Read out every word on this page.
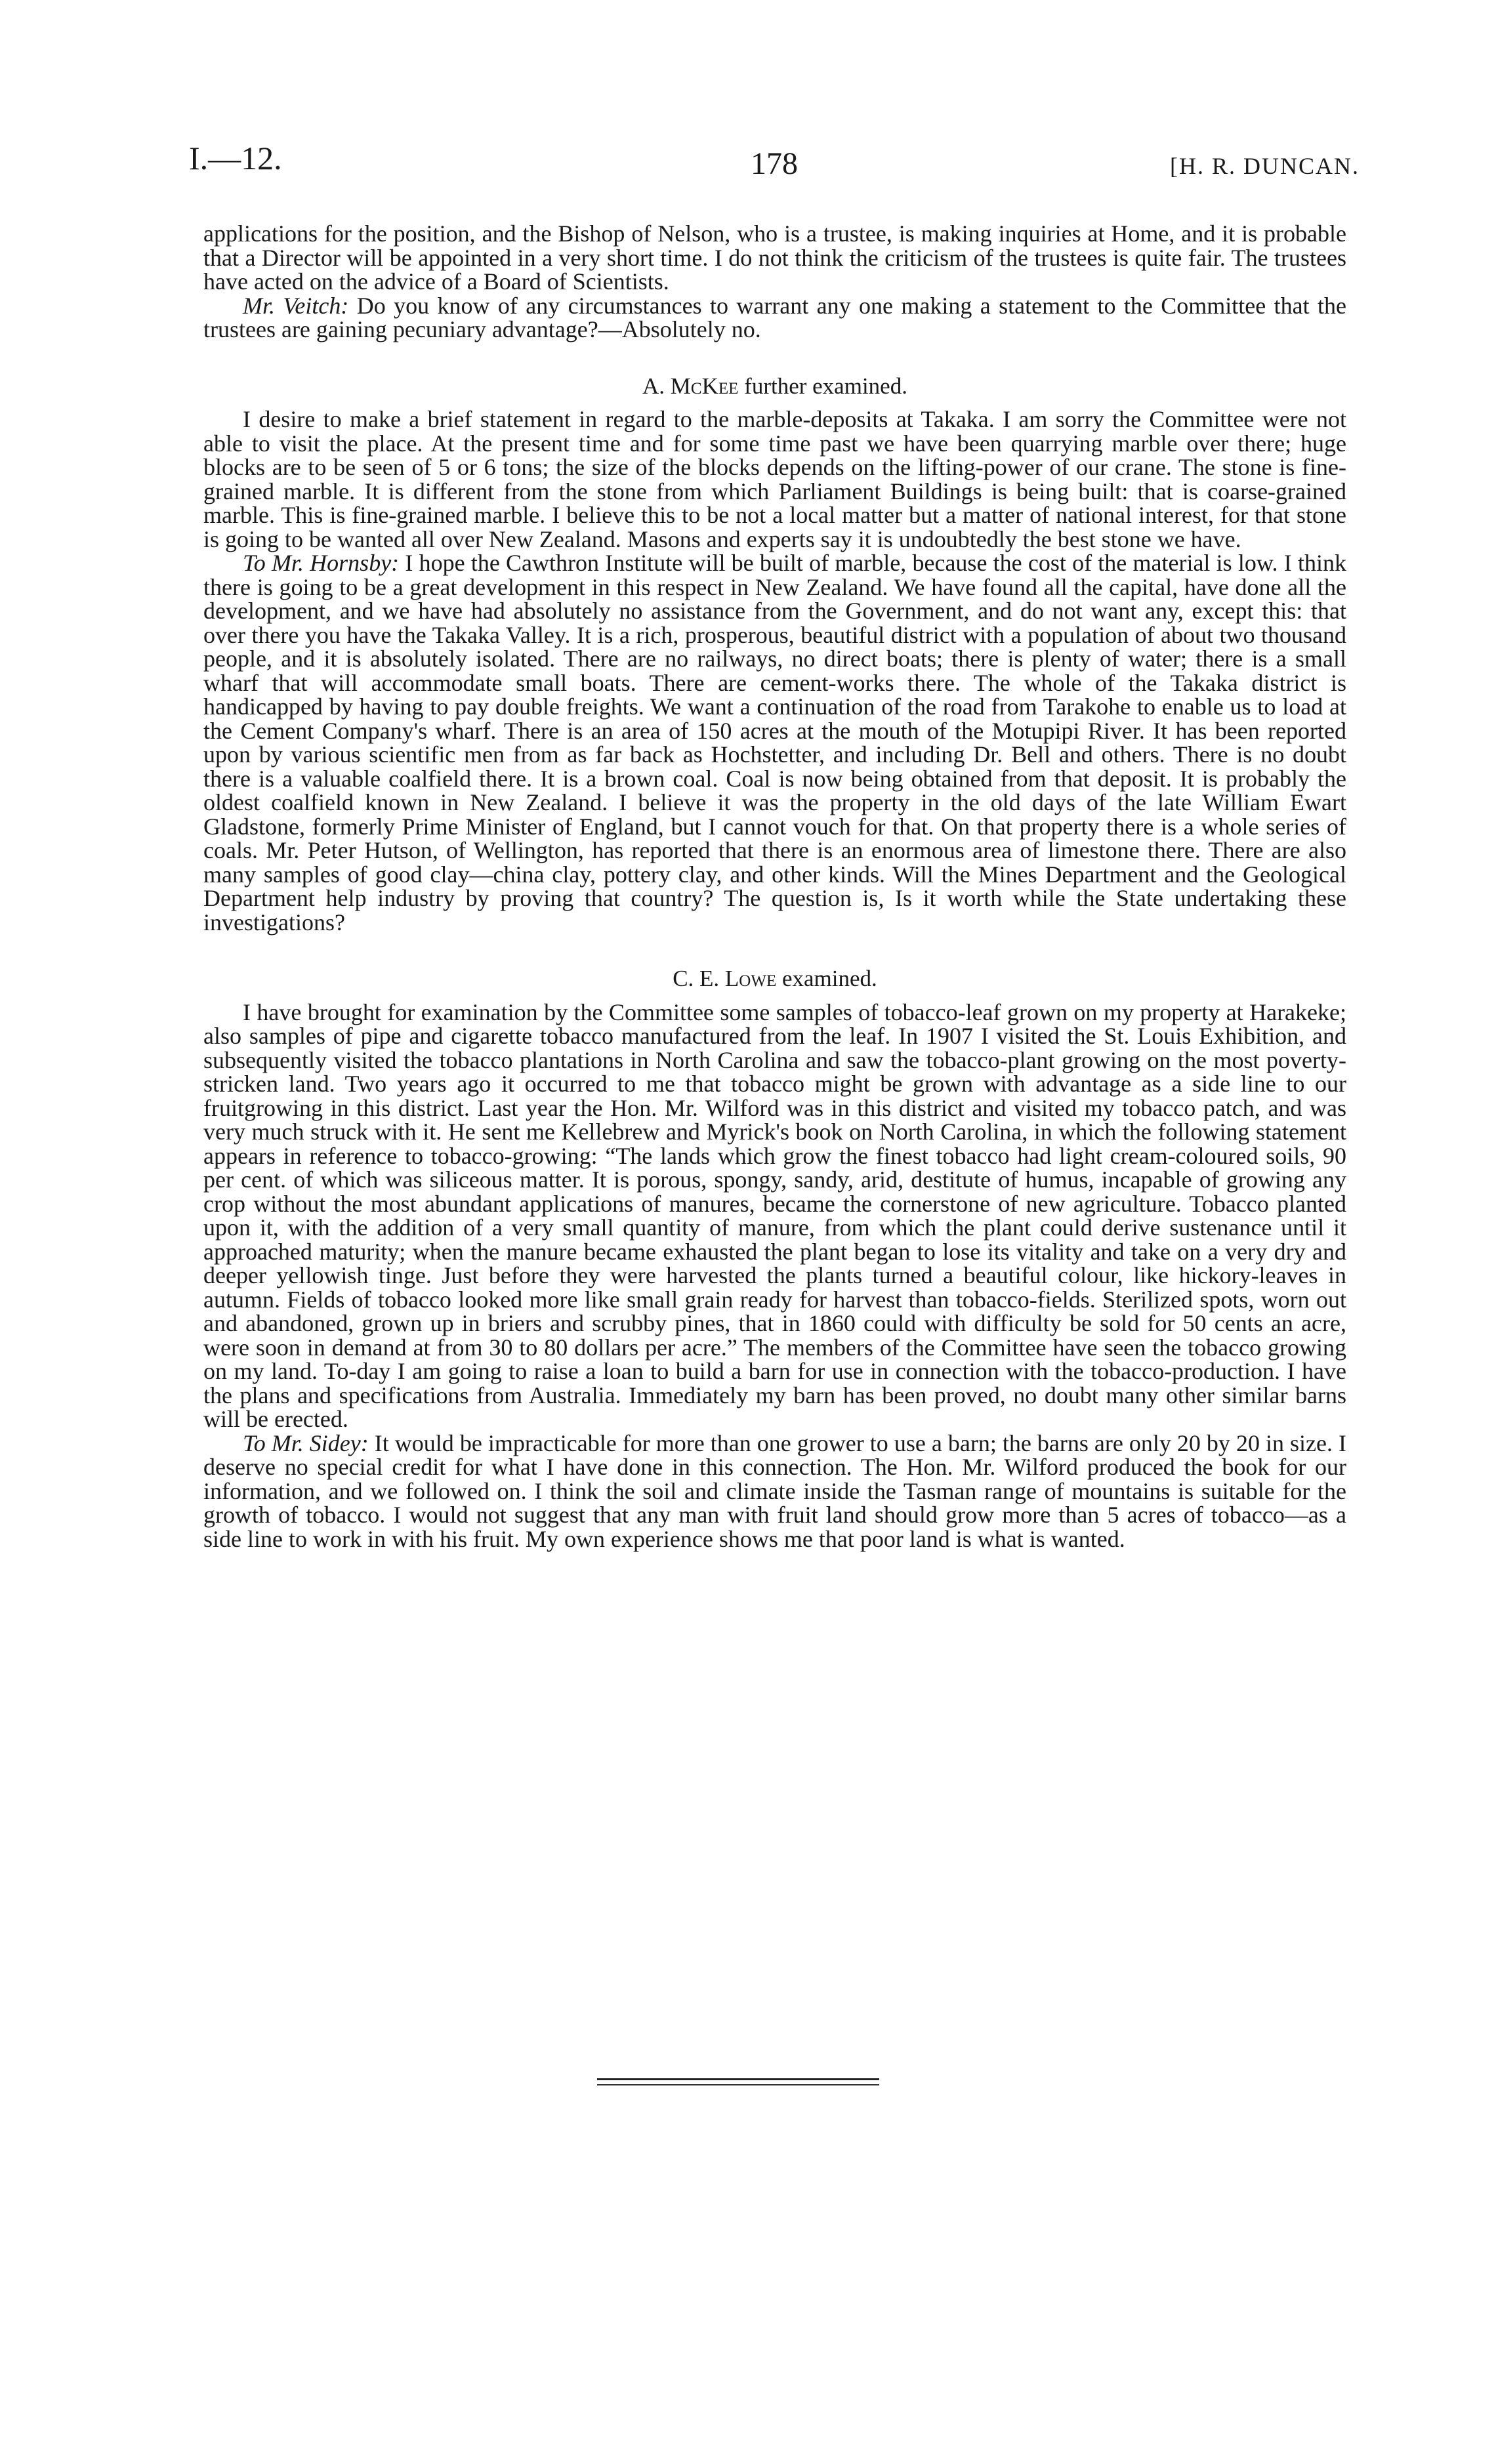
I.—12.	178	[H. R. DUNCAN.

applications for the position, and the Bishop of Nelson, who is a trustee, is making inquiries at Home, and it is probable that a Director will be appointed in a very short time. I do not think the criticism of the trustees is quite fair. The trustees have acted on the advice of a Board of Scientists.

Mr. Veitch: Do you know of any circumstances to warrant any one making a statement to the Committee that the trustees are gaining pecuniary advantage?—Absolutely no.

A. McKee further examined.

I desire to make a brief statement in regard to the marble-deposits at Takaka. I am sorry the Committee were not able to visit the place. At the present time and for some time past we have been quarrying marble over there; huge blocks are to be seen of 5 or 6 tons; the size of the blocks depends on the lifting-power of our crane. The stone is fine-grained marble. It is different from the stone from which Parliament Buildings is being built: that is coarse-grained marble. This is fine-grained marble. I believe this to be not a local matter but a matter of national interest, for that stone is going to be wanted all over New Zealand. Masons and experts say it is undoubtedly the best stone we have.

To Mr. Hornsby: I hope the Cawthron Institute will be built of marble, because the cost of the material is low. I think there is going to be a great development in this respect in New Zealand. We have found all the capital, have done all the development, and we have had absolutely no assistance from the Government, and do not want any, except this: that over there you have the Takaka Valley. It is a rich, prosperous, beautiful district with a population of about two thousand people, and it is absolutely isolated. There are no railways, no direct boats; there is plenty of water; there is a small wharf that will accommodate small boats. There are cement-works there. The whole of the Takaka district is handicapped by having to pay double freights. We want a continuation of the road from Tarakohe to enable us to load at the Cement Company's wharf. There is an area of 150 acres at the mouth of the Motupipi River. It has been reported upon by various scientific men from as far back as Hochstetter, and including Dr. Bell and others. There is no doubt there is a valuable coalfield there. It is a brown coal. Coal is now being obtained from that deposit. It is probably the oldest coalfield known in New Zealand. I believe it was the property in the old days of the late William Ewart Gladstone, formerly Prime Minister of England, but I cannot vouch for that. On that property there is a whole series of coals. Mr. Peter Hutson, of Wellington, has reported that there is an enormous area of limestone there. There are also many samples of good clay—china clay, pottery clay, and other kinds. Will the Mines Department and the Geological Department help industry by proving that country? The question is, Is it worth while the State undertaking these investigations?

C. E. Lowe examined.

I have brought for examination by the Committee some samples of tobacco-leaf grown on my property at Harakeke; also samples of pipe and cigarette tobacco manufactured from the leaf. In 1907 I visited the St. Louis Exhibition, and subsequently visited the tobacco plantations in North Carolina and saw the tobacco-plant growing on the most poverty-stricken land. Two years ago it occurred to me that tobacco might be grown with advantage as a side line to our fruitgrowing in this district. Last year the Hon. Mr. Wilford was in this district and visited my tobacco patch, and was very much struck with it. He sent me Kellebrew and Myrick's book on North Carolina, in which the following statement appears in reference to tobacco-growing: “The lands which grow the finest tobacco had light cream-coloured soils, 90 per cent. of which was siliceous matter. It is porous, spongy, sandy, arid, destitute of humus, incapable of growing any crop without the most abundant applications of manures, became the cornerstone of new agriculture. Tobacco planted upon it, with the addition of a very small quantity of manure, from which the plant could derive sustenance until it approached maturity; when the manure became exhausted the plant began to lose its vitality and take on a very dry and deeper yellowish tinge. Just before they were harvested the plants turned a beautiful colour, like hickory-leaves in autumn. Fields of tobacco looked more like small grain ready for harvest than tobacco-fields. Sterilized spots, worn out and abandoned, grown up in briers and scrubby pines, that in 1860 could with difficulty be sold for 50 cents an acre, were soon in demand at from 30 to 80 dollars per acre.” The members of the Committee have seen the tobacco growing on my land. To-day I am going to raise a loan to build a barn for use in connection with the tobacco-production. I have the plans and specifications from Australia. Immediately my barn has been proved, no doubt many other similar barns will be erected.

To Mr. Sidey: It would be impracticable for more than one grower to use a barn; the barns are only 20 by 20 in size. I deserve no special credit for what I have done in this connection. The Hon. Mr. Wilford produced the book for our information, and we followed on. I think the soil and climate inside the Tasman range of mountains is suitable for the growth of tobacco. I would not suggest that any man with fruit land should grow more than 5 acres of tobacco—as a side line to work in with his fruit. My own experience shows me that poor land is what is wanted.
